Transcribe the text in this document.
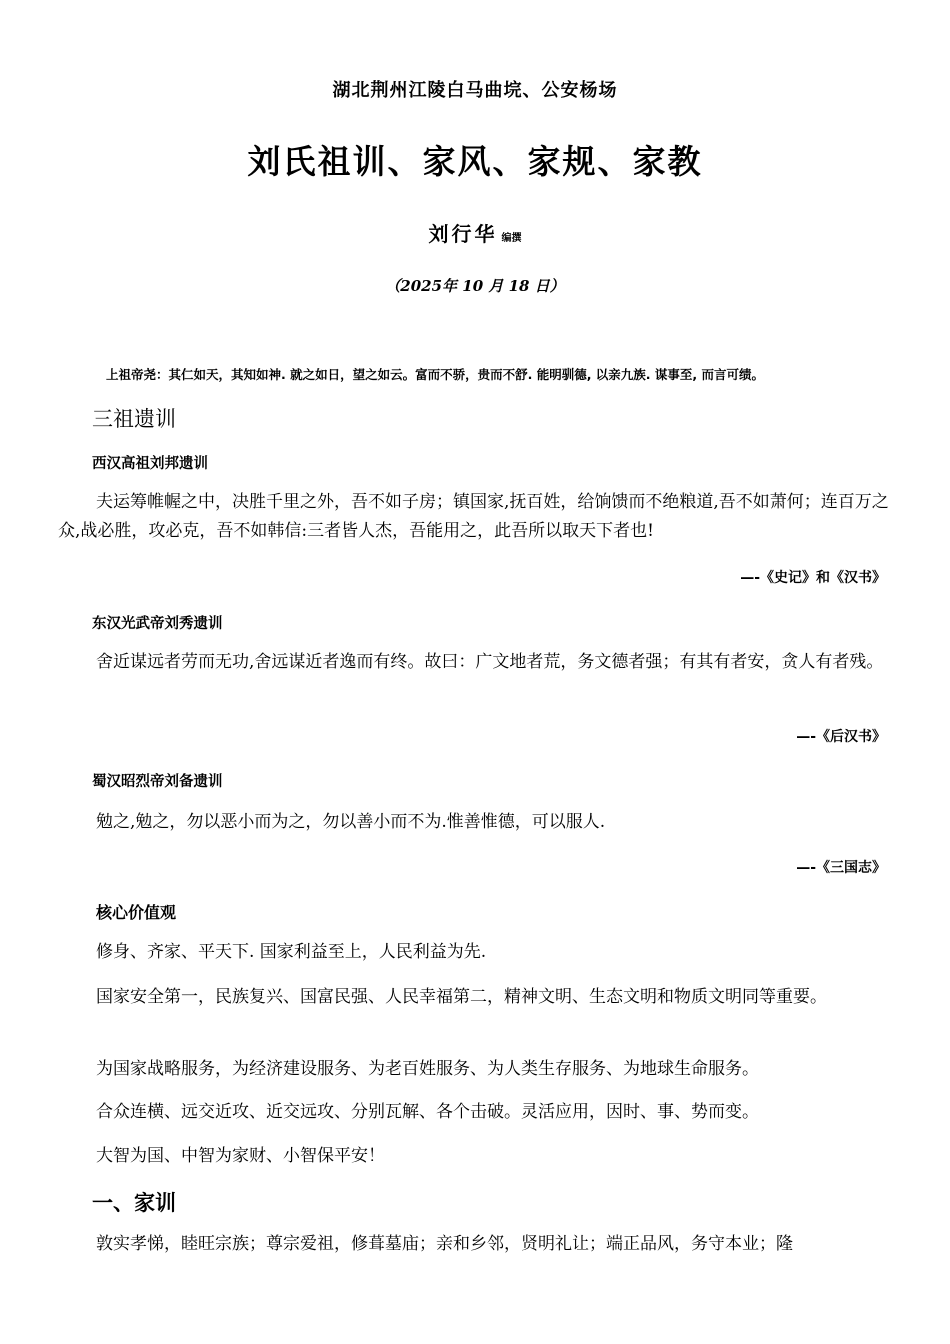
湖北荆州江陵白马曲垸、公安杨场
刘氏祖训、家风、家规、家教
刘行华 编撰
（2025年 10 月 18 日）
上祖帝尧：其仁如天，其知如神. 就之如日，望之如云。富而不骄，贵而不舒. 能明驯德, 以亲九族. 谋事至, 而言可绩。
三祖遗训
西汉高祖刘邦遗训
夫运筹帷幄之中，决胜千里之外，吾不如子房；镇国家,抚百姓，给饷馈而不绝粮道,吾不如萧何；连百万之众,战必胜，攻必克，吾不如韩信:三者皆人杰，吾能用之，此吾所以取天下者也!
—-《史记》和《汉书》
东汉光武帝刘秀遗训
舍近谋远者劳而无功,舍远谋近者逸而有终。故曰：广文地者荒，务文德者强；有其有者安，贪人有者残。
—-《后汉书》
蜀汉昭烈帝刘备遗训
勉之,勉之，勿以恶小而为之，勿以善小而不为.惟善惟德，可以服人.
—-《三国志》
核心价值观
修身、齐家、平天下. 国家利益至上，人民利益为先.
国家安全第一，民族复兴、国富民强、人民幸福第二，精神文明、生态文明和物质文明同等重要。
为国家战略服务，为经济建设服务、为老百姓服务、为人类生存服务、为地球生命服务。
合众连横、远交近攻、近交远攻、分别瓦解、各个击破。灵活应用，因时、事、势而变。
大智为国、中智为家财、小智保平安！
一、家训
敦实孝悌，睦旺宗族；尊宗爱祖，修葺墓庙；亲和乡邻，贤明礼让；端正品风，务守本业；隆
